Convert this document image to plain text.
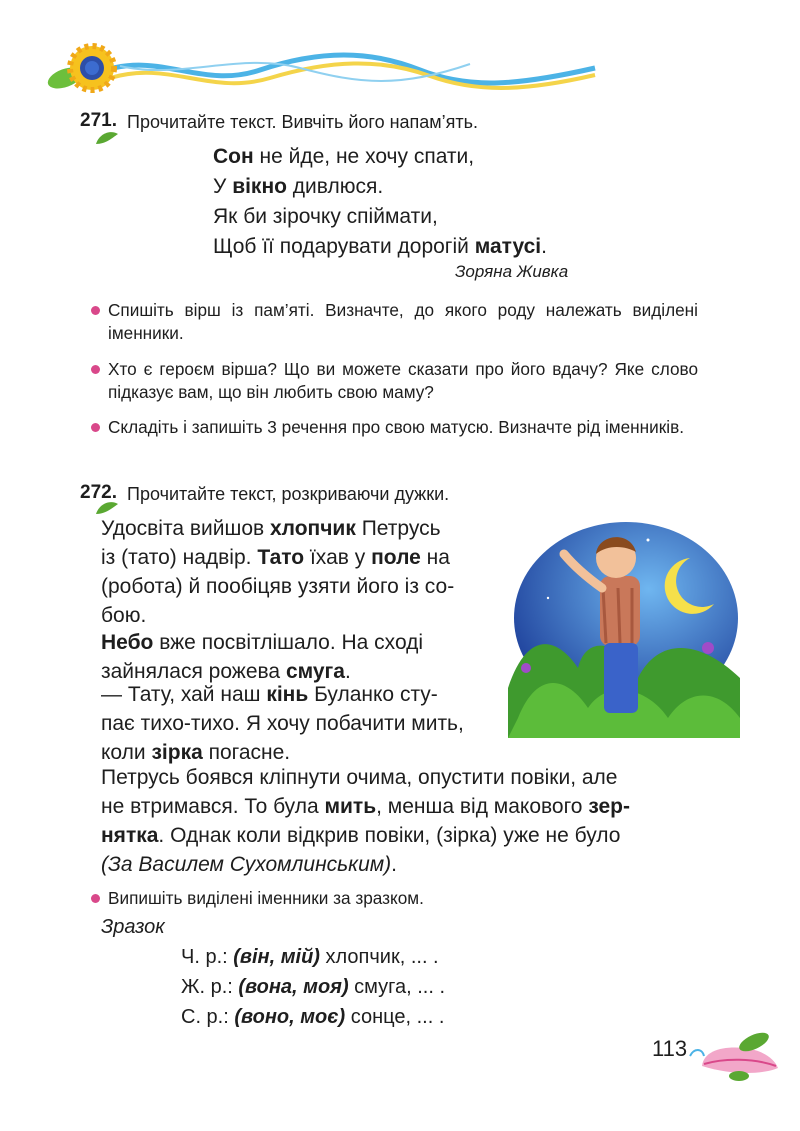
271. Прочитайте текст. Вивчіть його напам’ять.
Сон не йде, не хочу спати,
У вікно дивлюся.
Як би зірочку спіймати,
Щоб її подарувати дорогій матусі.
Зоряна Живка
Спишіть вірш із пам’яті. Визначте, до якого роду належать виділені іменники.
Хто є героєм вірша? Що ви можете сказати про його вдачу? Яке слово підказує вам, що він любить свою маму?
Складіть і запишіть 3 речення про свою матусю. Визначте рід іменників.
272. Прочитайте текст, розкриваючи дужки.
Удосвіта вийшов хлопчик Петрусь
із (тато) надвір. Тато їхав у поле на
(робота) й пообіцяв узяти його із со-
бою.
Небо вже посвітлішало. На сході
зайнялася рожева смуга.
— Тату, хай наш кінь Буланко сту-
пає тихо-тихо. Я хочу побачити мить,
коли зірка погасне.
Петрусь боявся кліпнути очима, опустити повіки, але
не втримався. То була мить, менша від макового зер-
нятка. Однак коли відкрив повіки, (зірка) уже не було
(За Василем Сухомлинським).
Випишіть виділені іменники за зразком.
Зразок
Ч. р.: (він, мій) хлопчик, ... .
Ж. р.: (вона, моя) смуга, ... .
С. р.: (воно, моє) сонце, ... .
113
